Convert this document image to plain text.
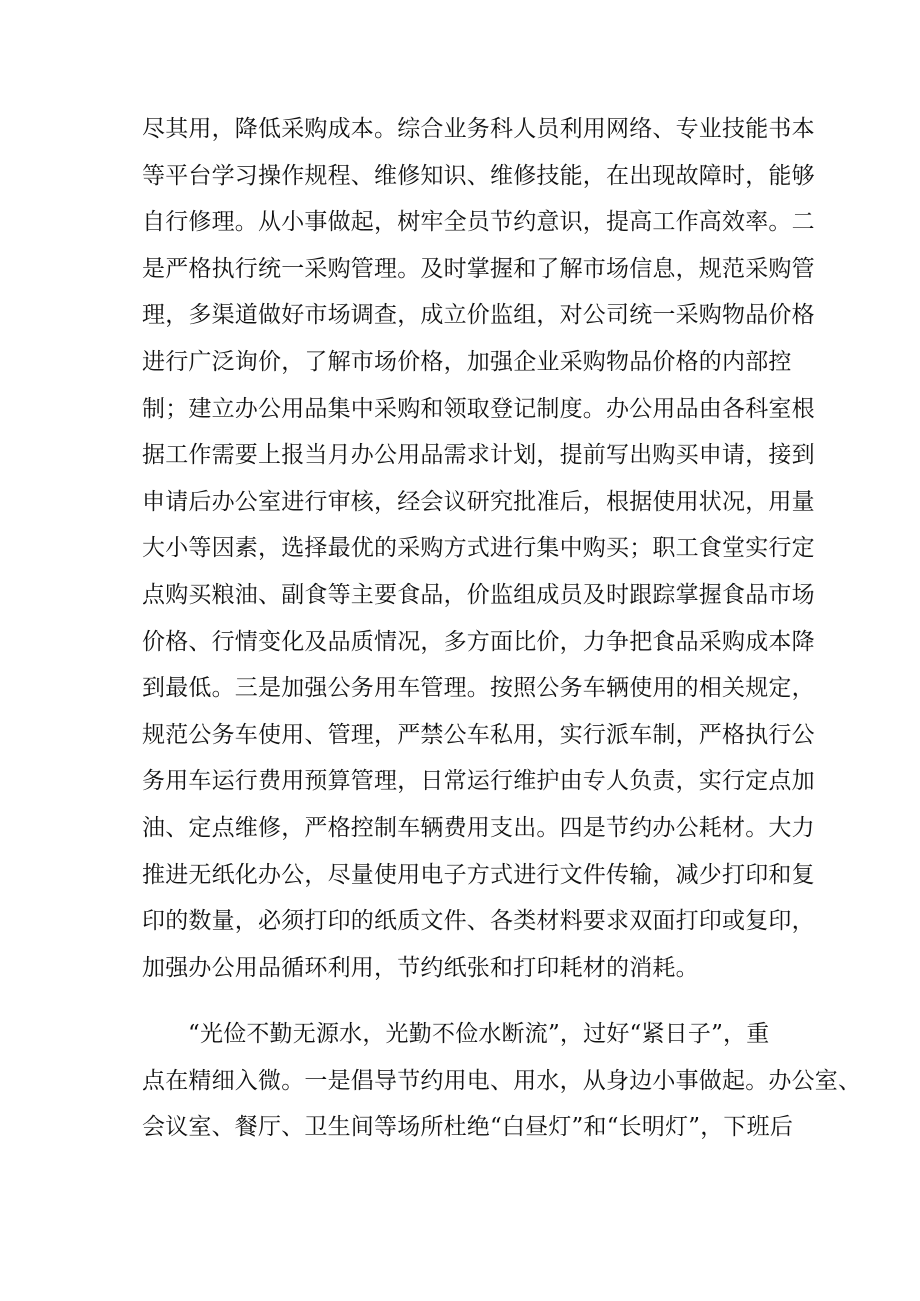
尽其用，降低采购成本。综合业务科人员利用网络、专业技能书本
等平台学习操作规程、维修知识、维修技能，在出现故障时，能够
自行修理。从小事做起，树牢全员节约意识，提高工作高效率。二
是严格执行统一采购管理。及时掌握和了解市场信息，规范采购管
理，多渠道做好市场调查，成立价监组，对公司统一采购物品价格
进行广泛询价，了解市场价格，加强企业采购物品价格的内部控
制；建立办公用品集中采购和领取登记制度。办公用品由各科室根
据工作需要上报当月办公用品需求计划，提前写出购买申请，接到
申请后办公室进行审核，经会议研究批准后，根据使用状况，用量
大小等因素，选择最优的采购方式进行集中购买；职工食堂实行定
点购买粮油、副食等主要食品，价监组成员及时跟踪掌握食品市场
价格、行情变化及品质情况，多方面比价，力争把食品采购成本降
到最低。三是加强公务用车管理。按照公务车辆使用的相关规定，
规范公务车使用、管理，严禁公车私用，实行派车制，严格执行公
务用车运行费用预算管理，日常运行维护由专人负责，实行定点加
油、定点维修，严格控制车辆费用支出。四是节约办公耗材。大力
推进无纸化办公，尽量使用电子方式进行文件传输，减少打印和复
印的数量，必须打印的纸质文件、各类材料要求双面打印或复印，
加强办公用品循环利用，节约纸张和打印耗材的消耗。
“光俭不勤无源水，光勤不俭水断流”，过好“紧日子”，重
点在精细入微。一是倡导节约用电、用水，从身边小事做起。办公室、
会议室、餐厅、卫生间等场所杜绝“白昼灯”和“长明灯”，下班后
